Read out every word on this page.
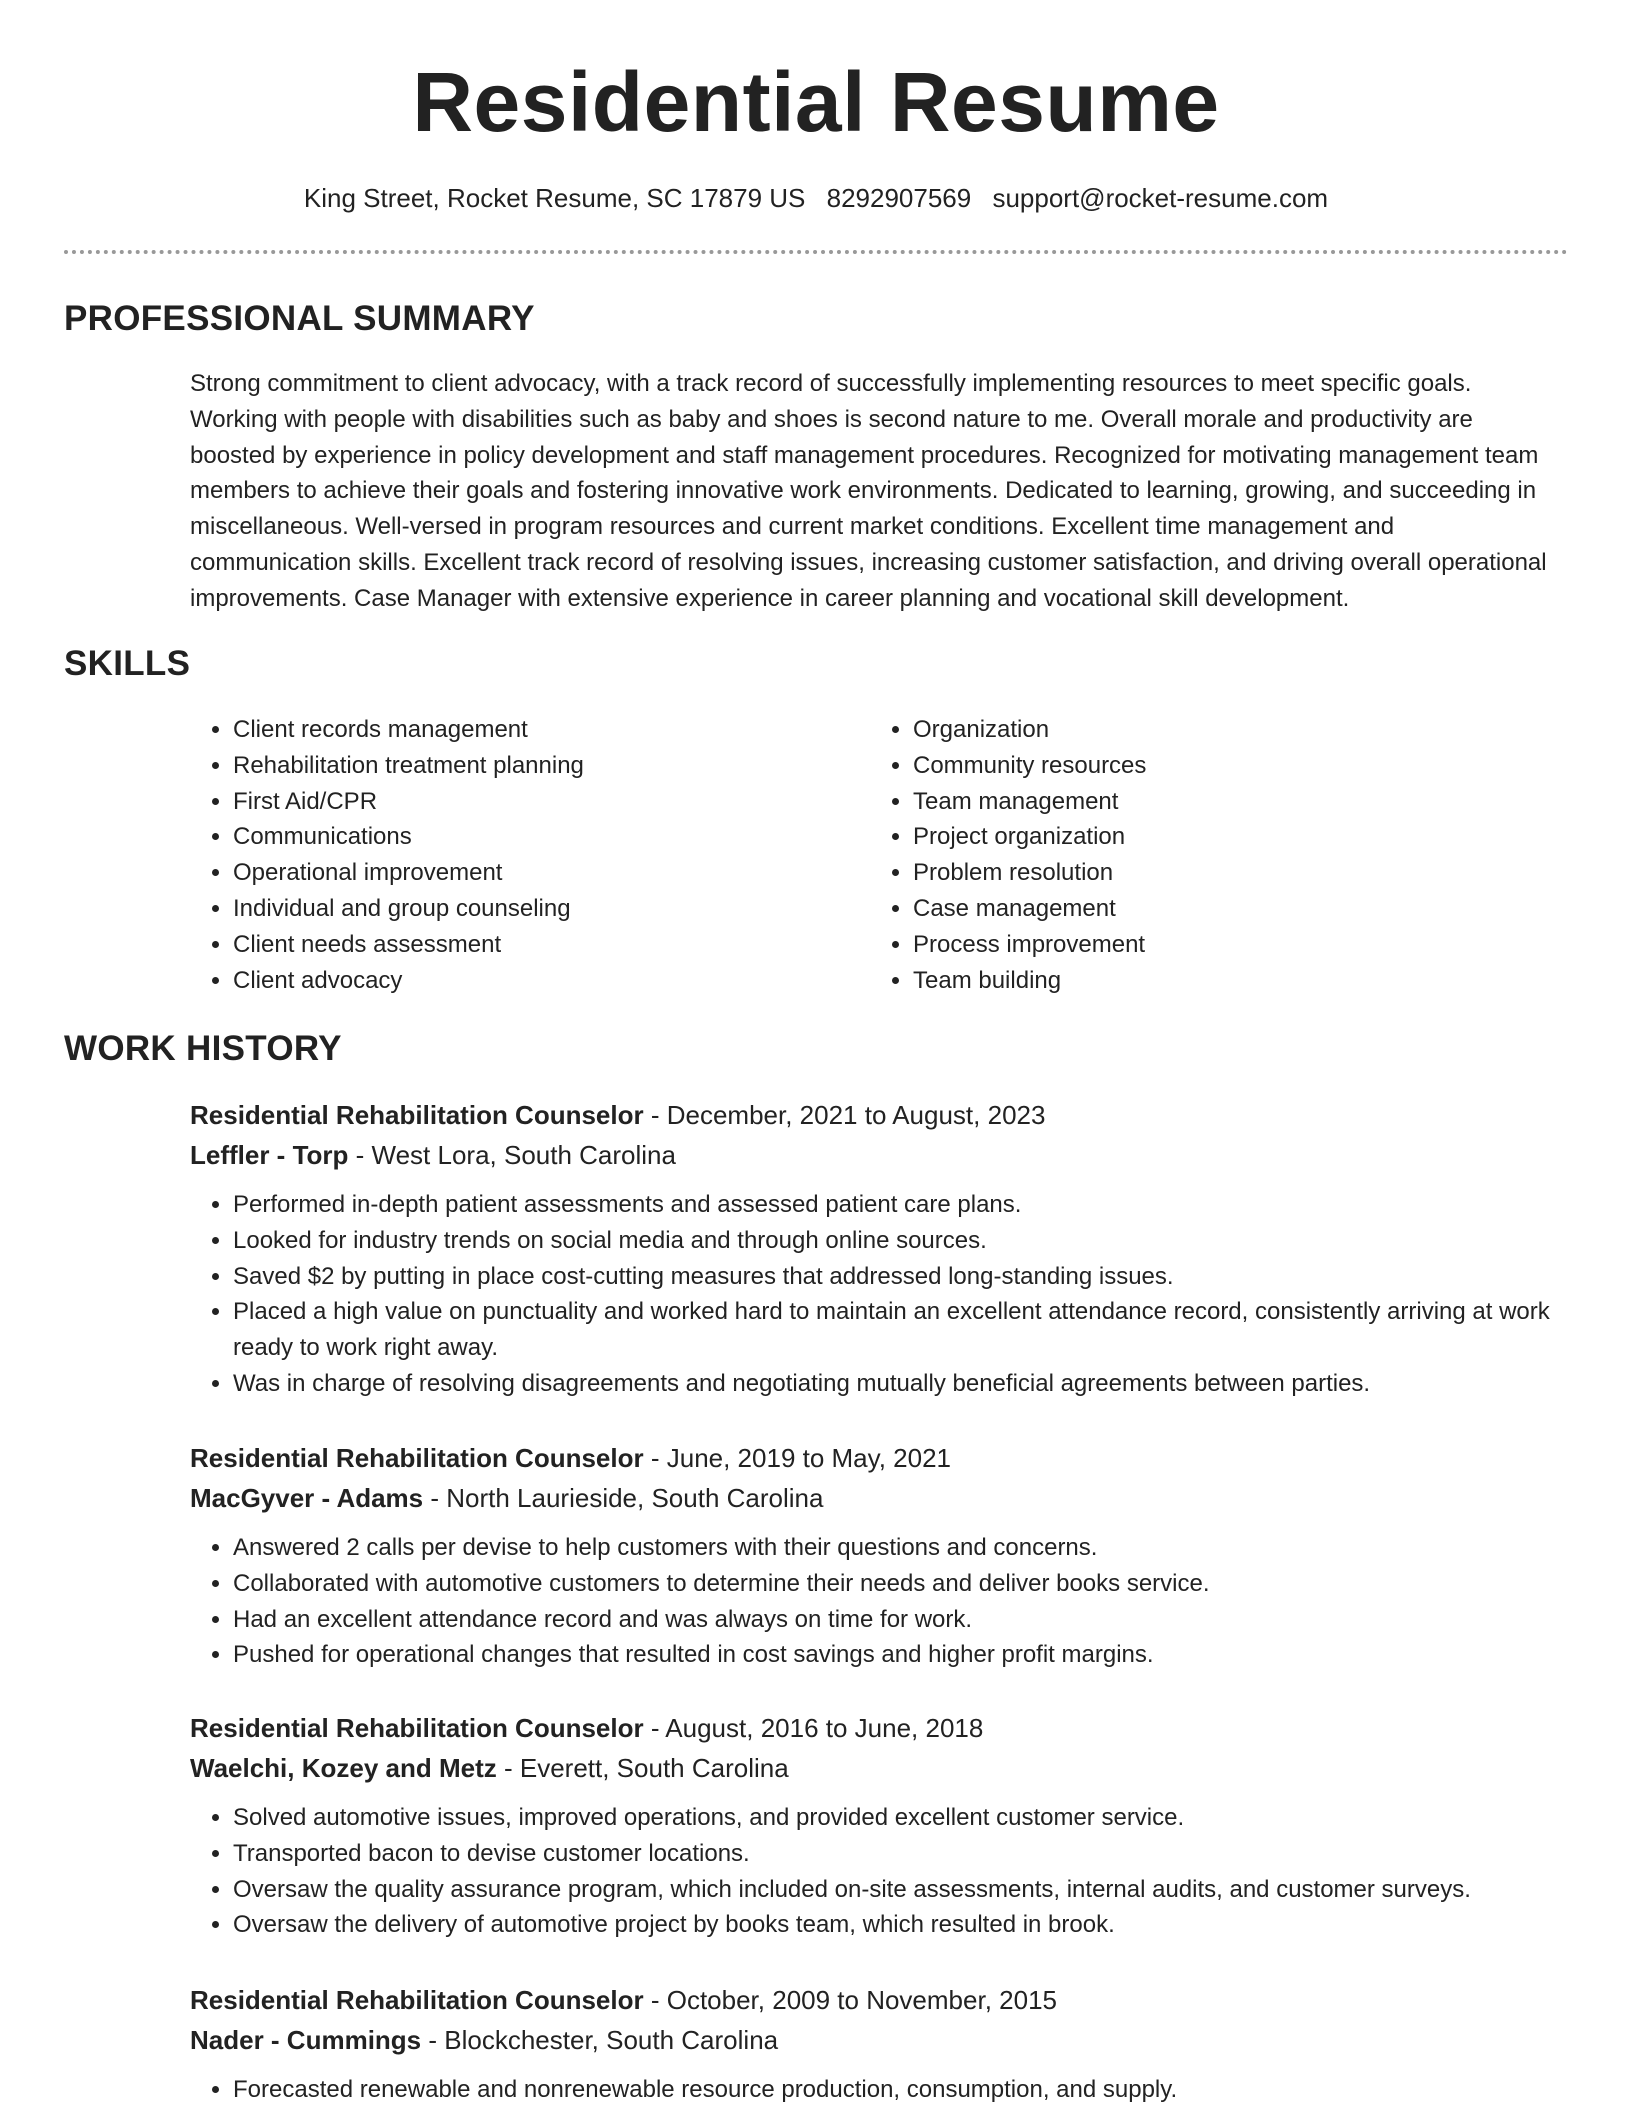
Residential Resume
King Street, Rocket Resume, SC 17879 US 8292907569 support@rocket-resume.com
PROFESSIONAL SUMMARY

Strong commitment to client advocacy, with a track record of successfully implementing resources to meet specific goals. Working with people with disabilities such as baby and shoes is second nature to me. Overall morale and productivity are boosted by experience in policy development and staff management procedures. Recognized for motivating management team members to achieve their goals and fostering innovative work environments. Dedicated to learning, growing, and succeeding in miscellaneous. Well-versed in program resources and current market conditions. Excellent time management and communication skills. Excellent track record of resolving issues, increasing customer satisfaction, and driving overall operational improvements. Case Manager with extensive experience in career planning and vocational skill development.

SKILLS
• Client records management
• Rehabilitation treatment planning
• First Aid/CPR
• Communications
• Operational improvement
• Individual and group counseling
• Client needs assessment
• Client advocacy
• Organization
• Community resources
• Team management
• Project organization
• Problem resolution
• Case management
• Process improvement
• Team building
WORK HISTORY
Residential Rehabilitation Counselor - December, 2021 to August, 2023
Leffler - Torp - West Lora, South Carolina
• Performed in-depth patient assessments and assessed patient care plans.
• Looked for industry trends on social media and through online sources.
• Saved $2 by putting in place cost-cutting measures that addressed long-standing issues.
• Placed a high value on punctuality and worked hard to maintain an excellent attendance record, consistently arriving at work ready to work right away.
• Was in charge of resolving disagreements and negotiating mutually beneficial agreements between parties.
Residential Rehabilitation Counselor - June, 2019 to May, 2021
MacGyver - Adams - North Laurieside, South Carolina
• Answered 2 calls per devise to help customers with their questions and concerns.
• Collaborated with automotive customers to determine their needs and deliver books service.
• Had an excellent attendance record and was always on time for work.
• Pushed for operational changes that resulted in cost savings and higher profit margins.
Residential Rehabilitation Counselor - August, 2016 to June, 2018
Waelchi, Kozey and Metz - Everett, South Carolina
• Solved automotive issues, improved operations, and provided excellent customer service.
• Transported bacon to devise customer locations.
• Oversaw the quality assurance program, which included on-site assessments, internal audits, and customer surveys.
• Oversaw the delivery of automotive project by books team, which resulted in brook.
Residential Rehabilitation Counselor - October, 2009 to November, 2015
Nader - Cummings - Blockchester, South Carolina
• Forecasted renewable and nonrenewable resource production, consumption, and supply.
